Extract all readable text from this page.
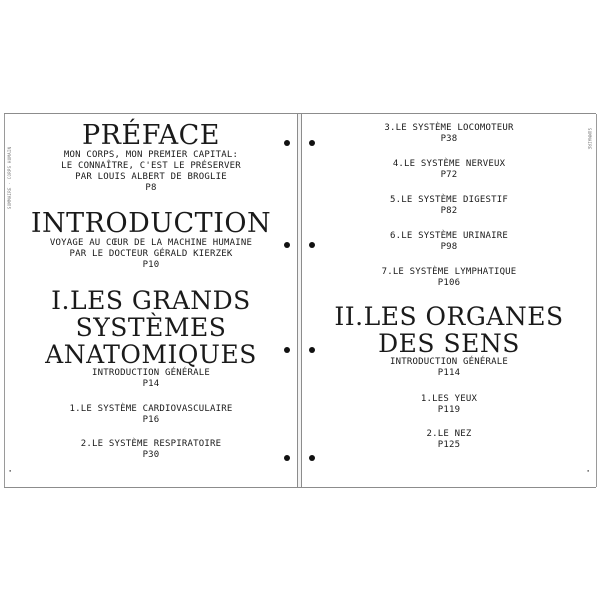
SOMMAIRE · CORPS HUMAIN
PRÉFACE
MON CORPS, MON PREMIER CAPITAL:
LE CONNAÎTRE, C'EST LE PRÉSERVER
PAR LOUIS ALBERT DE BROGLIE
P8
INTRODUCTION
VOYAGE AU CŒUR DE LA MACHINE HUMAINE
PAR LE DOCTEUR GÉRALD KIERZEK
P10
I.LES GRANDS
SYSTÈMES
ANATOMIQUES
INTRODUCTION GÉNÉRALE
P14
1.LE SYSTÈME CARDIOVASCULAIRE
P16
2.LE SYSTÈME RESPIRATOIRE
P30
▪
SOMMAIRE
3.LE SYSTÈME LOCOMOTEUR
P38
4.LE SYSTÈME NERVEUX
P72
5.LE SYSTÈME DIGESTIF
P82
6.LE SYSTÈME URINAIRE
P98
7.LE SYSTÈME LYMPHATIQUE
P106
II.LES ORGANES
DES SENS
INTRODUCTION GÉNÉRALE
P114
1.LES YEUX
P119
2.LE NEZ
P125
▪
